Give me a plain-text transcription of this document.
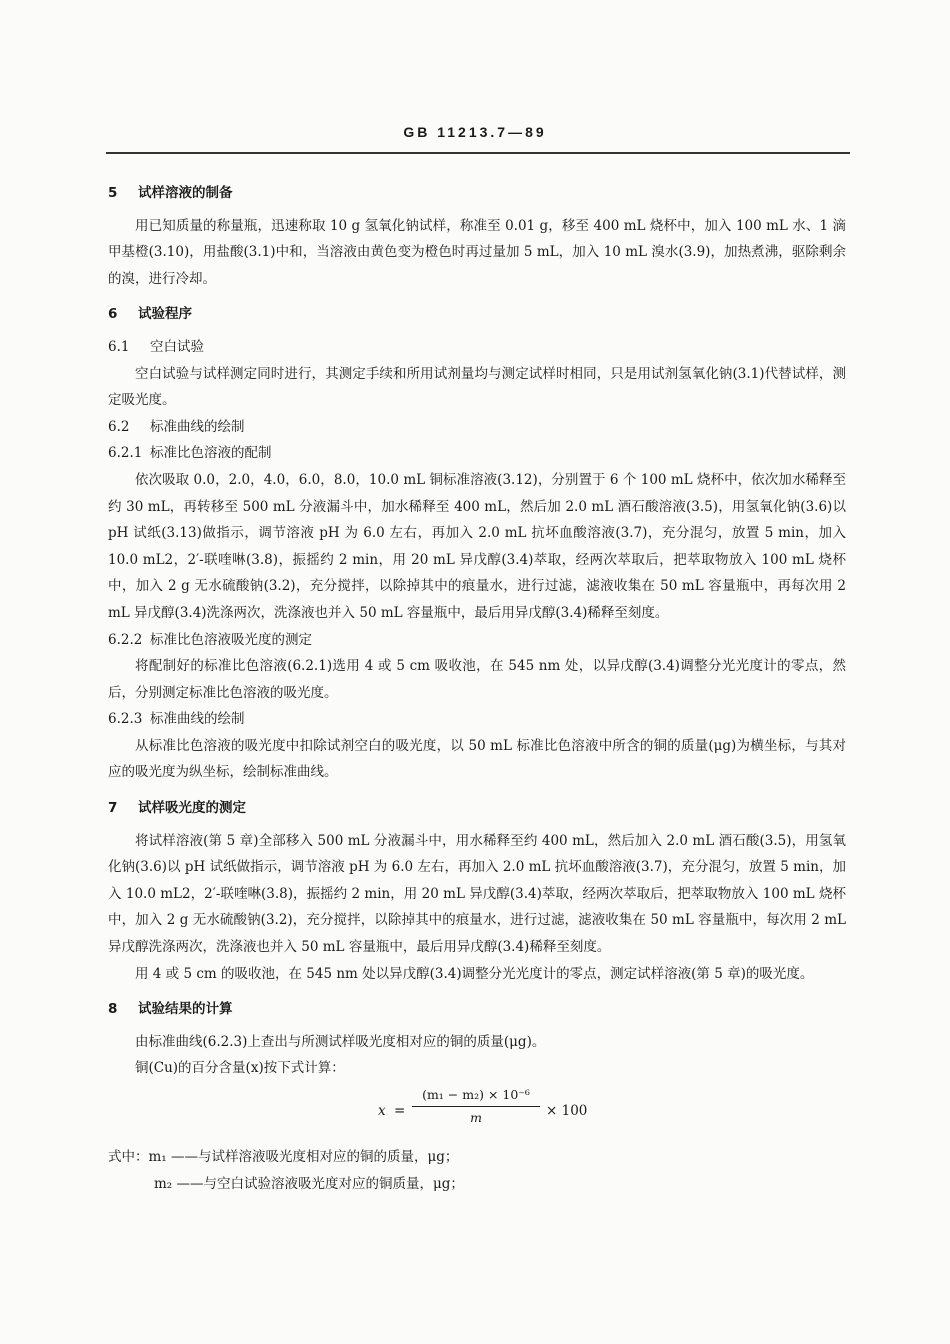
GB 11213.7—89
5 试样溶液的制备

用已知质量的称量瓶，迅速称取 10 g 氢氧化钠试样，称准至 0.01 g，移至 400 mL 烧杯中，加入 100 mL 水、1 滴甲基橙(3.10)，用盐酸(3.1)中和，当溶液由黄色变为橙色时再过量加 5 mL，加入 10 mL 溴水(3.9)，加热煮沸，驱除剩余的溴，进行冷却。

6 试验程序
6.1 空白试验

空白试验与试样测定同时进行，其测定手续和所用试剂量均与测定试样时相同，只是用试剂氢氧化钠(3.1)代替试样，测定吸光度。

6.2 标准曲线的绘制
6.2.1 标准比色溶液的配制

依次吸取 0.0，2.0，4.0，6.0，8.0，10.0 mL 铜标准溶液(3.12)，分别置于 6 个 100 mL 烧杯中，依次加水稀释至约 30 mL，再转移至 500 mL 分液漏斗中，加水稀释至 400 mL，然后加 2.0 mL 酒石酸溶液(3.5)，用氢氧化钠(3.6)以 pH 试纸(3.13)做指示，调节溶液 pH 为 6.0 左右，再加入 2.0 mL 抗坏血酸溶液(3.7)，充分混匀，放置 5 min，加入 10.0 mL2，2′-联喹啉(3.8)，振摇约 2 min，用 20 mL 异戊醇(3.4)萃取，经两次萃取后，把萃取物放入 100 mL 烧杯中，加入 2 g 无水硫酸钠(3.2)，充分搅拌，以除掉其中的痕量水，进行过滤，滤液收集在 50 mL 容量瓶中，再每次用 2 mL 异戊醇(3.4)洗涤两次，洗涤液也并入 50 mL 容量瓶中，最后用异戊醇(3.4)稀释至刻度。

6.2.2 标准比色溶液吸光度的测定

将配制好的标准比色溶液(6.2.1)选用 4 或 5 cm 吸收池，在 545 nm 处，以异戊醇(3.4)调整分光光度计的零点，然后，分别测定标准比色溶液的吸光度。

6.2.3 标准曲线的绘制

从标准比色溶液的吸光度中扣除试剂空白的吸光度，以 50 mL 标准比色溶液中所含的铜的质量(μg)为横坐标，与其对应的吸光度为纵坐标，绘制标准曲线。

7 试样吸光度的测定

将试样溶液(第 5 章)全部移入 500 mL 分液漏斗中，用水稀释至约 400 mL，然后加入 2.0 mL 酒石酸(3.5)，用氢氧化钠(3.6)以 pH 试纸做指示，调节溶液 pH 为 6.0 左右，再加入 2.0 mL 抗坏血酸溶液(3.7)，充分混匀，放置 5 min，加入 10.0 mL2，2′-联喹啉(3.8)，振摇约 2 min，用 20 mL 异戊醇(3.4)萃取，经两次萃取后，把萃取物放入 100 mL 烧杯中，加入 2 g 无水硫酸钠(3.2)，充分搅拌，以除掉其中的痕量水，进行过滤，滤液收集在 50 mL 容量瓶中，每次用 2 mL 异戊醇洗涤两次，洗涤液也并入 50 mL 容量瓶中，最后用异戊醇(3.4)稀释至刻度。

用 4 或 5 cm 的吸收池，在 545 nm 处以异戊醇(3.4)调整分光光度计的零点，测定试样溶液(第 5 章)的吸光度。

8 试验结果的计算

由标准曲线(6.2.3)上查出与所测试样吸光度相对应的铜的质量(μg)。

铜(Cu)的百分含量(x)按下式计算：

$x = \frac{\text{(m₁ − m₂) × 10⁻⁶}}{m} \times 100$
式中：m₁ ——与试样溶液吸光度相对应的铜的质量，μg；
m₂ ——与空白试验溶液吸光度对应的铜质量，μg；
